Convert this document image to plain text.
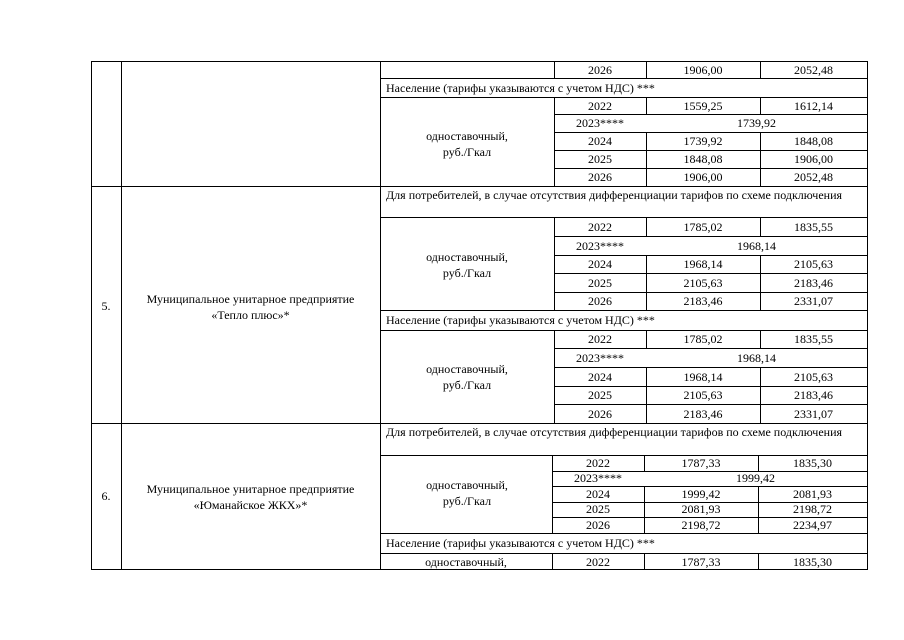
2026	1906,00	2052,48
Население (тарифы указываются с учетом НДС) ***
одноставочный,
руб./Гкал
2022	1559,25	1612,14
2023****	1739,92
2024	1739,92	1848,08
2025	1848,08	1906,00
2026	1906,00	2052,48
5.	Муниципальное унитарное предприятие «Тепло плюс»*
Для потребителей, в случае отсутствия дифференциации тарифов по схеме подключения
одноставочный,
руб./Гкал
2022	1785,02	1835,55
2023****	1968,14
2024	1968,14	2105,63
2025	2105,63	2183,46
2026	2183,46	2331,07
Население (тарифы указываются с учетом НДС) ***
одноставочный,
руб./Гкал
2022	1785,02	1835,55
2023****	1968,14
2024	1968,14	2105,63
2025	2105,63	2183,46
2026	2183,46	2331,07
6.	Муниципальное унитарное предприятие «Юманайское ЖКХ»*
Для потребителей, в случае отсутствия дифференциации тарифов по схеме подключения
одноставочный,
руб./Гкал
2022	1787,33	1835,30
2023****	1999,42
2024	1999,42	2081,93
2025	2081,93	2198,72
2026	2198,72	2234,97
Население (тарифы указываются с учетом НДС) ***
одноставочный,	2022	1787,33	1835,30
